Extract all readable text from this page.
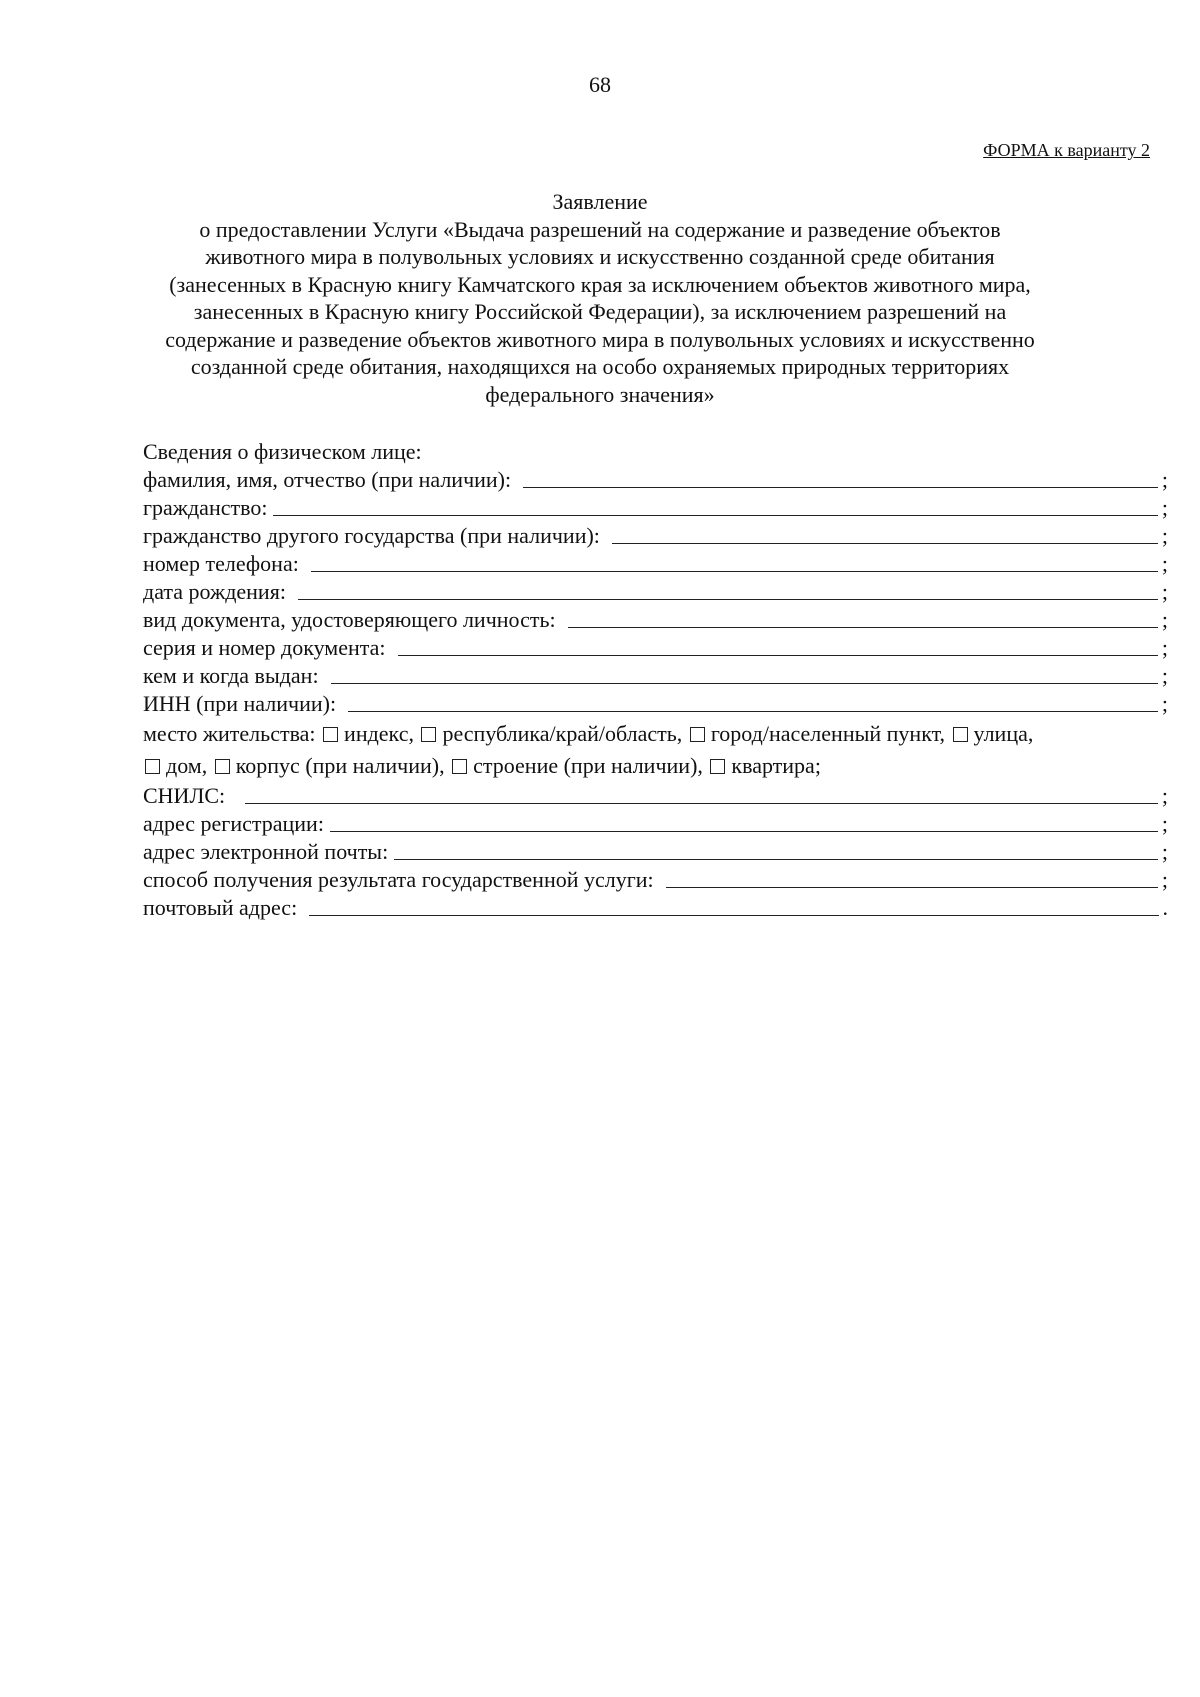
68
ФОРМА к варианту 2
Заявление
о предоставлении Услуги «Выдача разрешений на содержание и разведение объектов животного мира в полувольных условиях и искусственно созданной среде обитания (занесенных в Красную книгу Камчатского края за исключением объектов животного мира, занесенных в Красную книгу Российской Федерации), за исключением разрешений на содержание и разведение объектов животного мира в полувольных условиях и искусственно созданной среде обитания, находящихся на особо охраняемых природных территориях федерального значения»
Сведения о физическом лице:
фамилия, имя, отчество (при наличии):	;
гражданство:	;
гражданство другого государства (при наличии):	;
номер телефона:	;
дата рождения:	;
вид документа, удостоверяющего личность:	;
серия и номер документа:	;
кем и когда выдан:	;
ИНН (при наличии):	;
место жительства: индекс, республика/край/область, город/населенный пункт, улица,
дом, корпус (при наличии), строение (при наличии), квартира;
СНИЛС:	;
адрес регистрации:	;
адрес электронной почты:	;
способ получения результата государственной услуги:	;
почтовый адрес:	.
